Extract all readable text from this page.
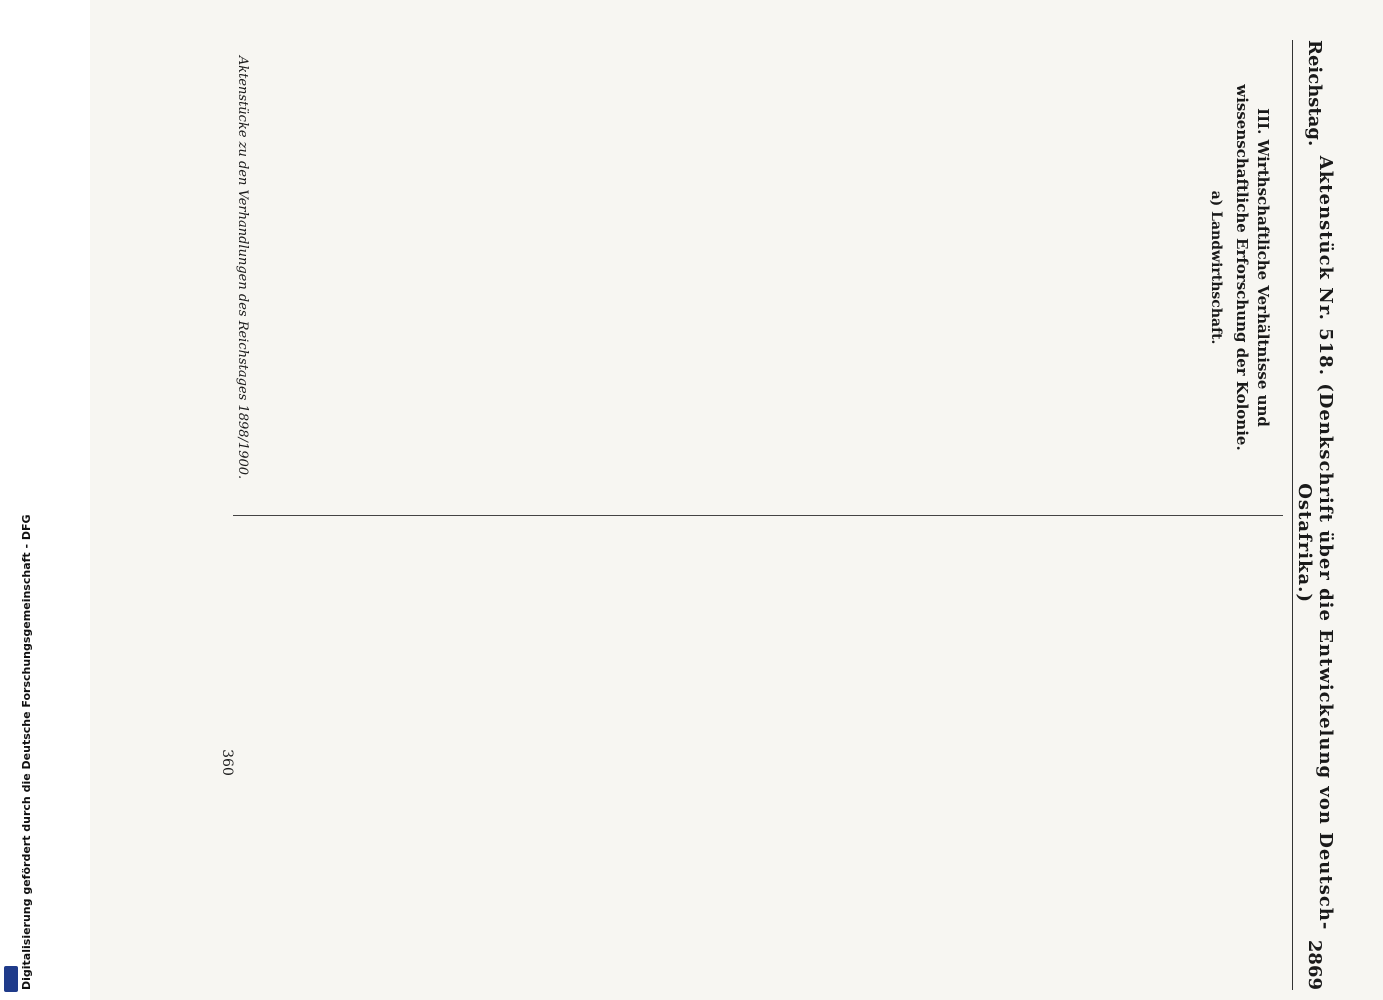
Digitalisierung gefördert durch die Deutsche Forschungsgemeinschaft - DFG
Reichstag.
Aktenstück Nr. 518. (Denkschrift über die Entwickelung von Deutsch-Ostafrika.)
2869

III. Wirthschaftliche Verhältnisse und wissenschaftliche Erforschung der Kolonie.
a) Landwirthschaft.

Aktenstücke zu den Verhandlungen des Reichstages 1898/1900.
360
